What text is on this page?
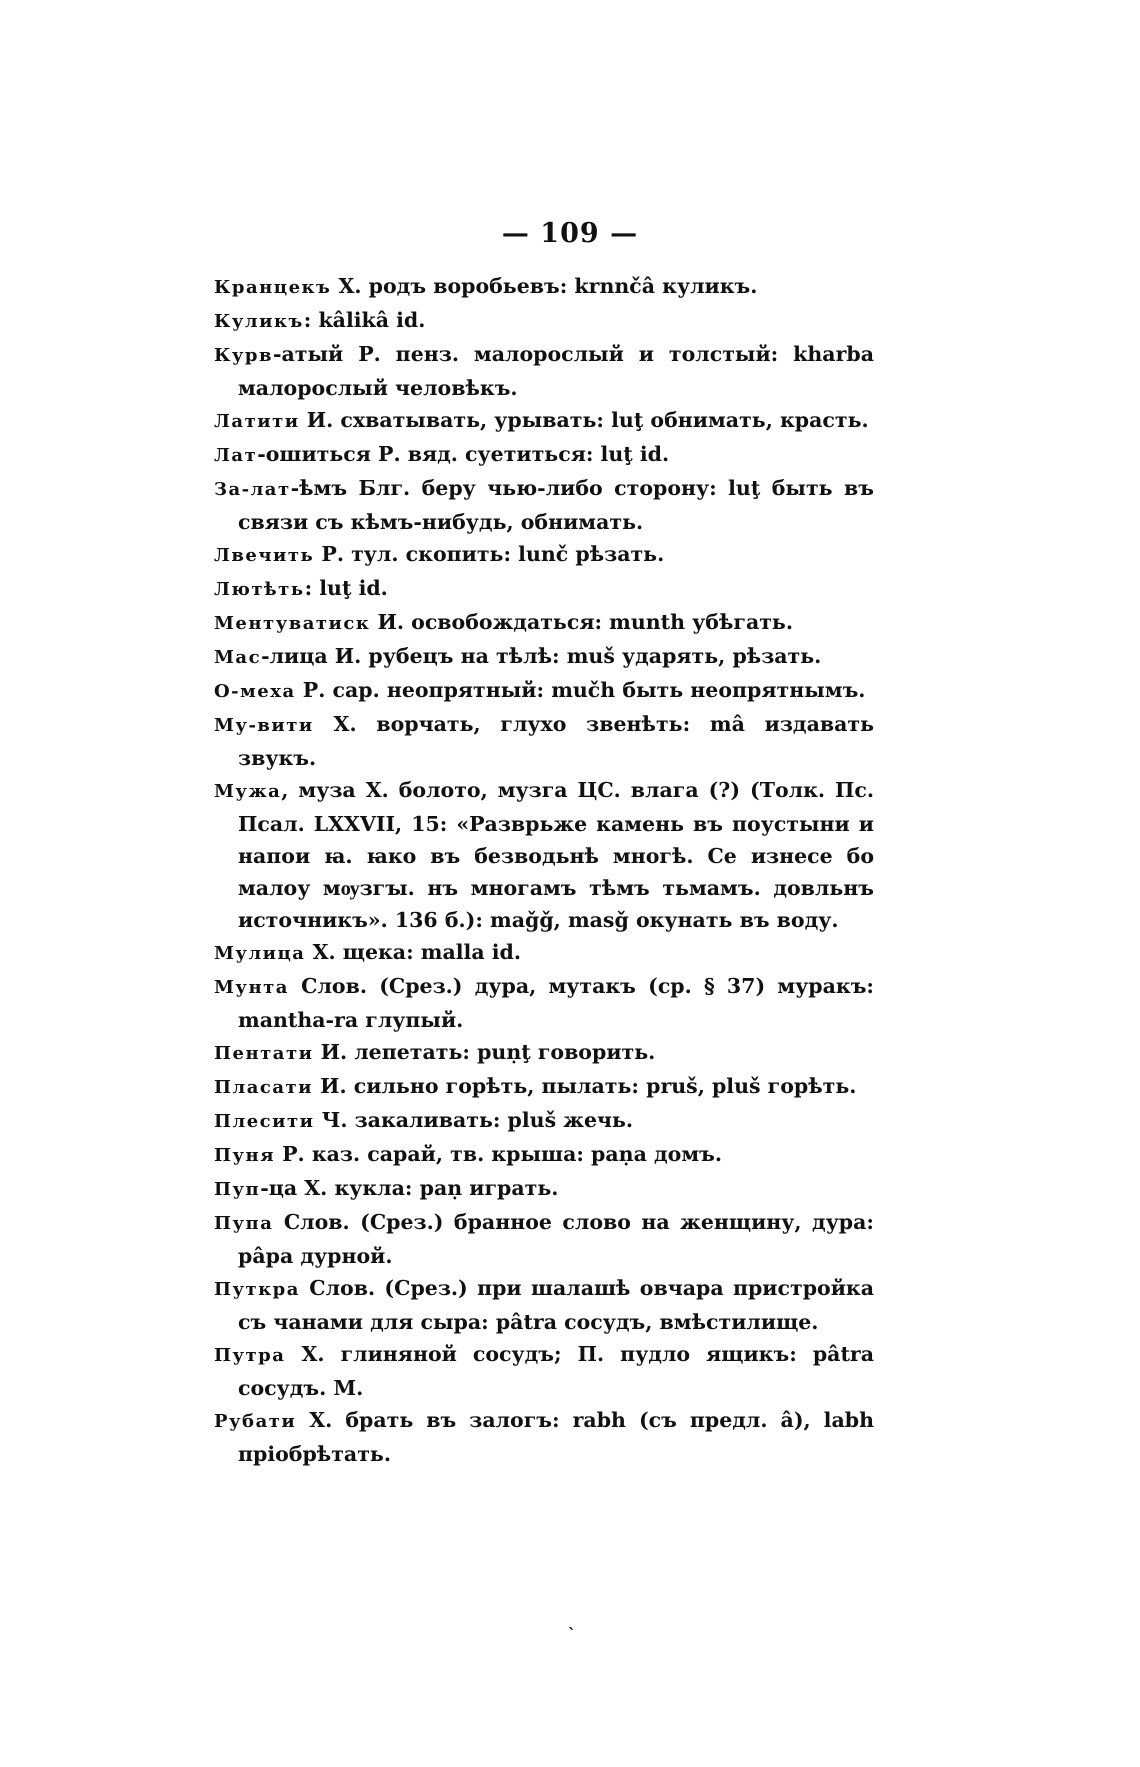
— 109 —

Кранцекъ Х. родъ воробьевъ: krnnčâ куликъ.

Куликъ: kâlikâ id.

Курв-атый Р. пенз. малорослый и толстый: kharba малорослый человѣкъ.

Латити И. схватывать, урывать: luţ обнимать, красть.

Лат-ошиться Р. вяд. суетиться: luţ id.

За-лат-ѣмъ Блг. беру чью-либо сторону: luţ быть въ связи съ кѣмъ-нибудь, обнимать.

Лвечить Р. тул. скопить: lunč рѣзать.

Лютѣть: luţ id.

Ментуватиск И. освобождаться: munth убѣгать.

Мас-лица И. рубецъ на тѣлѣ: muš ударять, рѣзать.

О-меха Р. сар. неопрятный: mučh быть неопрятнымъ.

Му-вити Х. ворчать, глухо звенѣть: mâ издавать звукъ.

Мужа, муза Х. болото, музга ЦС. влага (?) (Толк. Пс. Псал. LXXVII, 15: «Разврьже камень въ поустыни и напои ꙗ. ꙗко въ безводьнѣ многѣ. Се изнесе бо малоу мѹзгꙑ. нъ многамъ тѣмъ тьмамъ. довльнъ источникъ». 136 б.): maǧǧ, masǧ окунать въ воду.

Мулица Х. щека: malla id.

Мунта Слов. (Срез.) дура, мутакъ (ср. § 37) муракъ: mantha-ra глупый.

Пентати И. лепетать: puṇţ говорить.

Пласати И. сильно горѣть, пылать: pruš, pluš горѣть.

Плесити Ч. закаливать: pluš жечь.

Пуня Р. каз. сарай, тв. крыша: paṇa домъ.

Пуп-ца Х. кукла: paṇ играть.

Пупа Слов. (Срез.) бранное слово на женщину, дура: pâpa дурной.

Путкра Слов. (Срез.) при шалашѣ овчара пристройка съ чанами для сыра: pâtra сосудъ, вмѣстилище.

Путра Х. глиняной сосудъ; П. пудло ящикъ: pâtra сосудъ. М.

Рубати Х. брать въ залогъ: rabh (съ предл. â), labh пріобрѣтать.

ˎ
